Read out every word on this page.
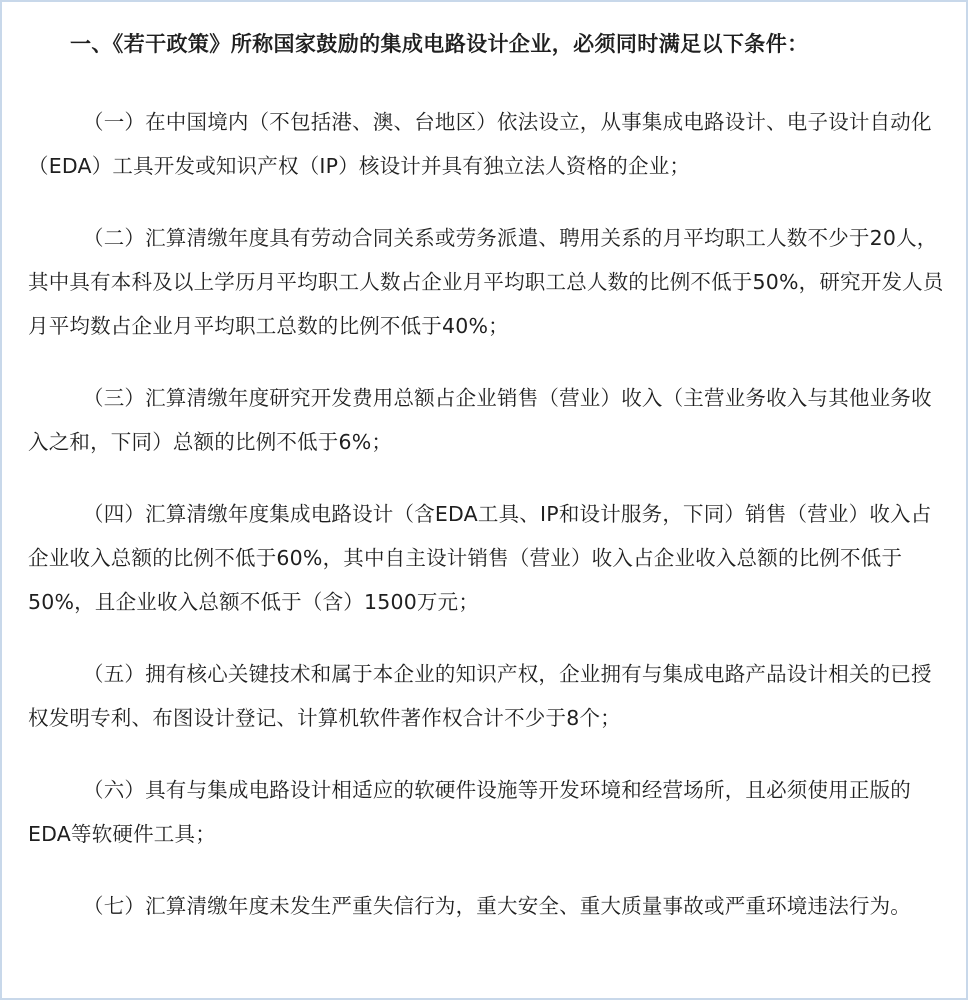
一、《若干政策》所称国家鼓励的集成电路设计企业，必须同时满足以下条件：

（一）在中国境内（不包括港、澳、台地区）依法设立，从事集成电路设计、电子设计自动化（EDA）工具开发或知识产权（IP）核设计并具有独立法人资格的企业；

（二）汇算清缴年度具有劳动合同关系或劳务派遣、聘用关系的月平均职工人数不少于20人，其中具有本科及以上学历月平均职工人数占企业月平均职工总人数的比例不低于50%，研究开发人员月平均数占企业月平均职工总数的比例不低于40%；

（三）汇算清缴年度研究开发费用总额占企业销售（营业）收入（主营业务收入与其他业务收入之和，下同）总额的比例不低于6%；

（四）汇算清缴年度集成电路设计（含EDA工具、IP和设计服务，下同）销售（营业）收入占企业收入总额的比例不低于60%，其中自主设计销售（营业）收入占企业收入总额的比例不低于50%，且企业收入总额不低于（含）1500万元；

（五）拥有核心关键技术和属于本企业的知识产权，企业拥有与集成电路产品设计相关的已授权发明专利、布图设计登记、计算机软件著作权合计不少于8个；

（六）具有与集成电路设计相适应的软硬件设施等开发环境和经营场所，且必须使用正版的EDA等软硬件工具；

（七）汇算清缴年度未发生严重失信行为，重大安全、重大质量事故或严重环境违法行为。
